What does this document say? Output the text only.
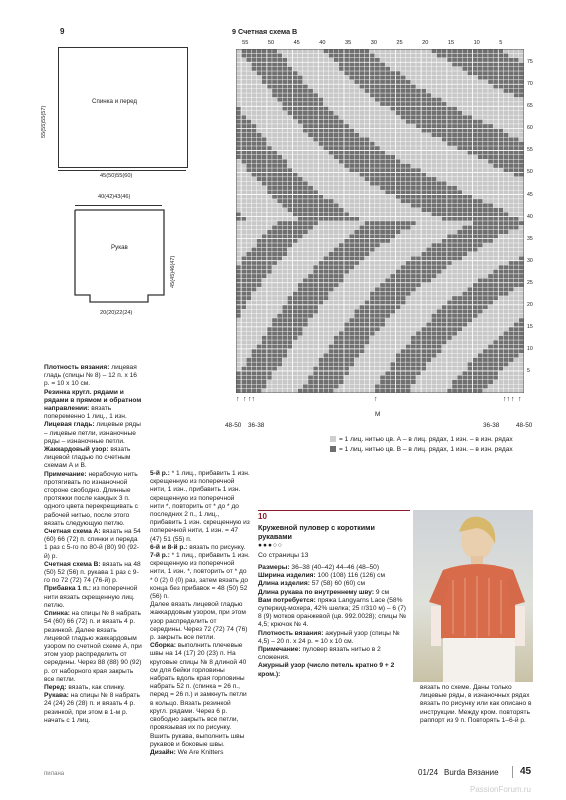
9
Спинка и перед
55(55)55(57)
45(50)55(60)
40(42)43(46)
Рукав
45(45)46(47)
20(20)22(24)
9 Счетная схема В
55	50	45	40	35	30	25	20	15	10	5
75
70
65
60
55
50
45
40
35
30
25
20
15
10
5
↑ ↑ ↑↑	↑	↑↑ ↑ ↑
48-50 36-38
M
36-38	48-50
= 1 лиц. нитью цв. А – в лиц. рядах, 1 изн. – в изн. рядах
= 1 лиц. нитью цв. В – в лиц. рядах, 1 изн. – в изн. рядах

Плотность вязания: лицевая гладь (спицы № 8) – 12 п. х 16 р. = 10 х 10 см.

Резинка кругл. рядами и рядами в прямом и обратном направлении: вязать попеременно 1 лиц., 1 изн.

Лицевая гладь: лицевые ряды – лицевые петли, изнаночные ряды – изнаночные петли.

Жаккардовый узор: вязать лицевой гладью по счетным схемам А и В.

Примечание: нерабочую нить протягивать по изнаночной стороне свободно. Длинные протяжки после каждых 3 п. одного цвета перекрещивать с рабочей нитью, после этого вязать следующую петлю.

Счетная схема А: вязать на 54 (60) 66 (72) п. спинки и переда 1 раз с 5-го по 80-й (80) 90 (92-й) р.

Счетная схема В: вязать на 48 (50) 52 (56) п. рукава 1 раз с 9-го по 72 (72) 74 (76-й) р.

Прибавка 1 п.: из поперечной нити вязать скрещенную лиц. петлю.

Спинка: на спицы № 8 набрать 54 (60) 66 (72) п. и вязать 4 р. резинкой. Далее вязать лицевой гладью жаккардовым узором по счетной схеме А, при этом узор распределить от середины. Через 88 (88) 90 (92) р. от наборного края закрыть все петли.

Перед: вязать, как спинку.

Рукава: на спицы № 8 набрать 24 (24) 26 (28) п. и вязать 4 р. резинкой, при этом в 1-м р. начать с 1 лиц.

5-й р.: * 1 лиц., прибавить 1 изн. скрещенную из поперечной нити, 1 изн., прибавить 1 изн. скрещенную из поперечной нити *, повторить от * до * до последних 2 п., 1 лиц., прибавить 1 изн. скрещенную из поперечной нити, 1 изн. = 47 (47) 51 (55) п.

6-й и 8-й р.: вязать по рисунку.

7-й р.: * 1 лиц., прибавить 1 изн. скрещенную из поперечной нити, 1 изн. *, повторить от * до * 0 (2) 0 (0) раз, затем вязать до конца без прибавок = 48 (50) 52 (56) п.

Далее вязать лицевой гладью жаккардовым узором, при этом узор распределить от середины. Через 72 (72) 74 (76) р. закрыть все петли.

Сборка: выполнить плечевые швы на 14 (17) 20 (23) п. На круговые спицы № 8 длиной 40 см для бейки горловины набрать вдоль края горловины набрать 52 п. (спинка = 26 п., перед = 26 п.) и замкнуть петли в кольцо. Вязать резинкой кругл. рядами. Через 6 р. свободно закрыть все петли, провязывая их по рисунку. Вшить рукава, выполнить швы рукавов и боковые швы.

Дизайн: We Are Knitters

10
Кружевной пуловер с короткими рукавами
●●●○○
Со страницы 13

Размеры: 36–38 (40–42) 44–46 (48–50)

Ширина изделия: 100 (108) 116 (126) см

Длина изделия: 57 (58) 60 (60) см

Длина рукава по внутреннему шву: 9 см

Вам потребуется: пряжа Langyarns Lace (58% суперкид-мохера, 42% шелка; 25 г/310 м) – 6 (7) 8 (9) мотков оранжевой (цв. 992.0028); спицы № 4,5; крючок № 4.

Плотность вязания: ажурный узор (спицы № 4,5) – 20 п. х 24 р. = 10 х 10 см.

Примечание: пуловер вязать нитью в 2 сложения.

Ажурный узор (число петель кратно 9 + 2 кром.):

вязать по схеме. Даны только лицевые ряды, в изнаночных рядах вязать по рисунку или как описано в инструкции. Между кром. повторять раппорт из 9 п. Повторять 1–6-й р.
пилана	01/24 Burda Вязание 45
PassionForum.ru
